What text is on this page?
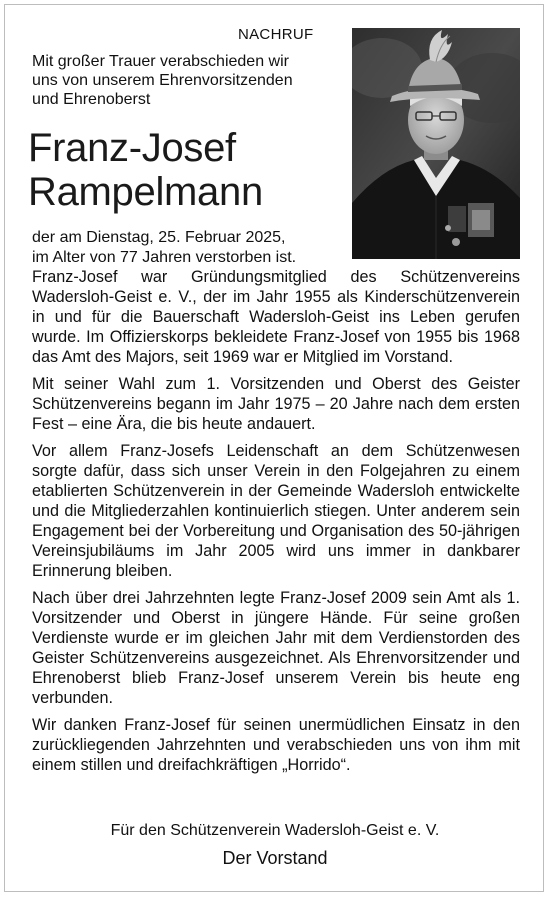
NACHRUF
Mit großer Trauer verabschieden wir
uns von unserem Ehrenvorsitzenden
und Ehrenoberst
Franz-Josef
Rampelmann
der am Dienstag, 25. Februar 2025,
im Alter von 77 Jahren verstorben ist.

Franz-Josef war Gründungsmitglied des Schützenvereins Wadersloh-Geist e. V., der im Jahr 1955 als Kinderschützenverein in und für die Bauerschaft Wadersloh-Geist ins Leben gerufen wurde. Im Offizierskorps bekleidete Franz-Josef von 1955 bis 1968 das Amt des Majors, seit 1969 war er Mitglied im Vorstand.

Mit seiner Wahl zum 1. Vorsitzenden und Oberst des Geister Schützenvereins begann im Jahr 1975 – 20 Jahre nach dem ersten Fest – eine Ära, die bis heute andauert.

Vor allem Franz-Josefs Leidenschaft an dem Schützenwesen sorgte dafür, dass sich unser Verein in den Folgejahren zu einem etablierten Schützenverein in der Gemeinde Wadersloh entwickelte und die Mitgliederzahlen kontinuierlich stiegen. Unter anderem sein Engagement bei der Vorbereitung und Organisation des 50-jährigen Vereinsjubiläums im Jahr 2005 wird uns immer in dankbarer Erinnerung bleiben.

Nach über drei Jahrzehnten legte Franz-Josef 2009 sein Amt als 1. Vorsitzender und Oberst in jüngere Hände. Für seine großen Verdienste wurde er im gleichen Jahr mit dem Verdienstorden des Geister Schützenvereins ausgezeichnet. Als Ehrenvorsitzender und Ehrenoberst blieb Franz-Josef unserem Verein bis heute eng verbunden.

Wir danken Franz-Josef für seinen unermüdlichen Einsatz in den zurückliegenden Jahrzehnten und verabschieden uns von ihm mit einem stillen und dreifachkräftigen „Horrido“.

Für den Schützenverein Wadersloh-Geist e. V.
Der Vorstand
